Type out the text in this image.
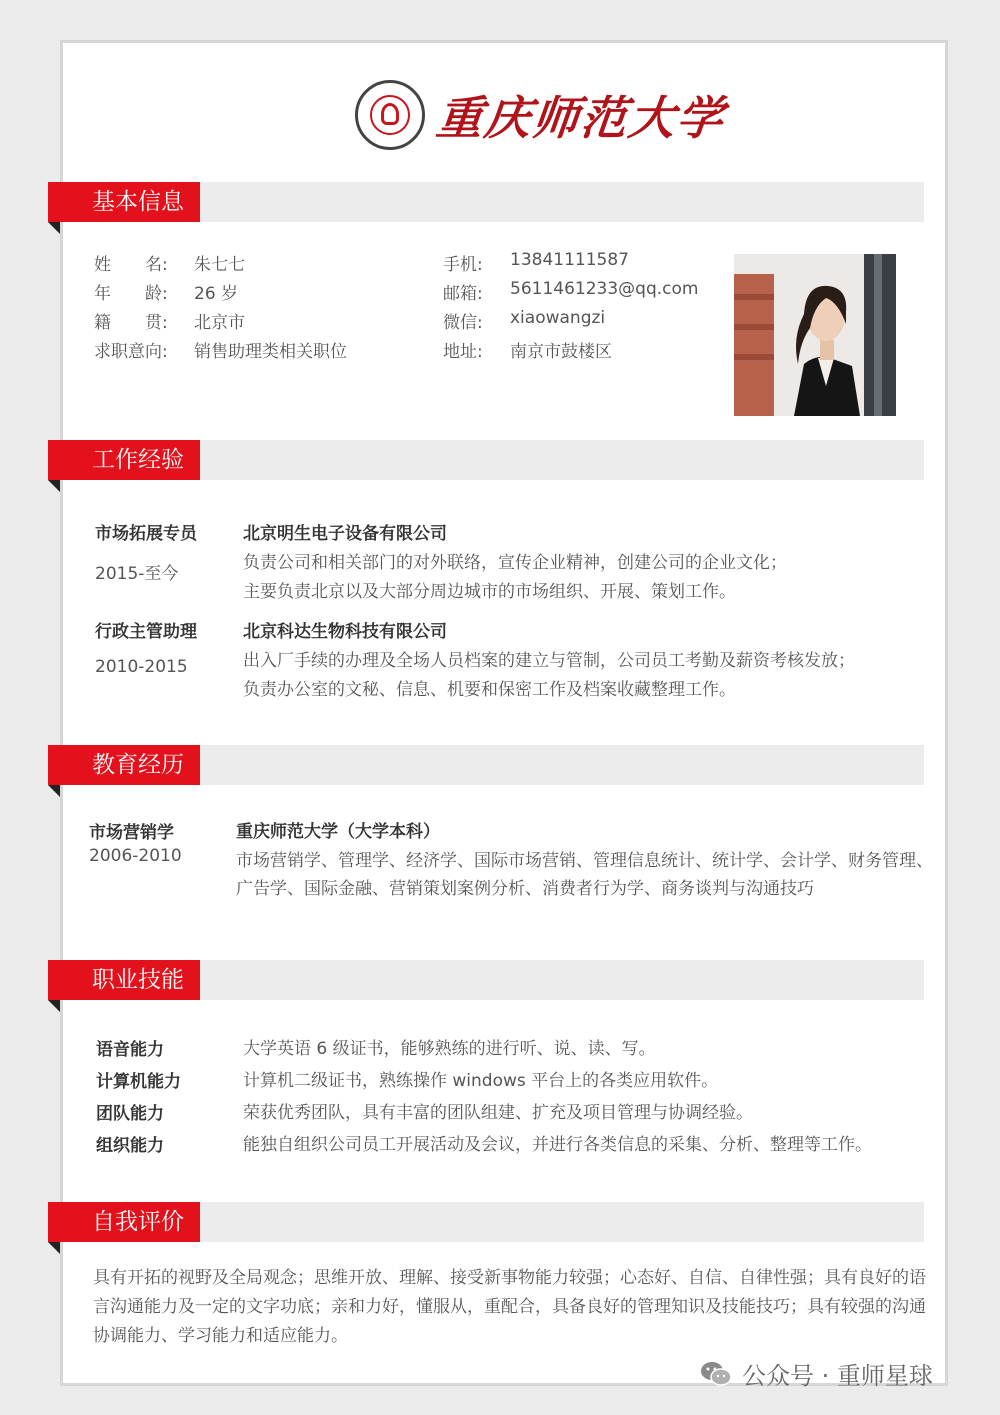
重庆师范大学
基本信息
姓　　名: 朱七七
年　　龄: 26 岁
籍　　贯: 北京市
求职意向: 销售助理类相关职位
手机: 13841111587
邮箱: 5611461233@qq.com
微信: xiaowangzi
地址: 南京市鼓楼区
工作经验
市场拓展专员
2015-至今
北京明生电子设备有限公司
负责公司和相关部门的对外联络，宣传企业精神，创建公司的企业文化；
主要负责北京以及大部分周边城市的市场组织、开展、策划工作。
行政主管助理
2010-2015
北京科达生物科技有限公司
出入厂手续的办理及全场人员档案的建立与管制，公司员工考勤及薪资考核发放；
负责办公室的文秘、信息、机要和保密工作及档案收藏整理工作。
教育经历
市场营销学
2006-2010
重庆师范大学（大学本科）
市场营销学、管理学、经济学、国际市场营销、管理信息统计、统计学、会计学、财务管理、
广告学、国际金融、营销策划案例分析、消费者行为学、商务谈判与沟通技巧
职业技能
语音能力	大学英语 6 级证书，能够熟练的进行听、说、读、写。
计算机能力	计算机二级证书，熟练操作 windows 平台上的各类应用软件。
团队能力	荣获优秀团队，具有丰富的团队组建、扩充及项目管理与协调经验。
组织能力	能独自组织公司员工开展活动及会议，并进行各类信息的采集、分析、整理等工作。
自我评价
具有开拓的视野及全局观念；思维开放、理解、接受新事物能力较强；心态好、自信、自律性强；具有良好的语
言沟通能力及一定的文字功底；亲和力好，懂服从，重配合，具备良好的管理知识及技能技巧；具有较强的沟通
协调能力、学习能力和适应能力。
公众号 · 重师星球
